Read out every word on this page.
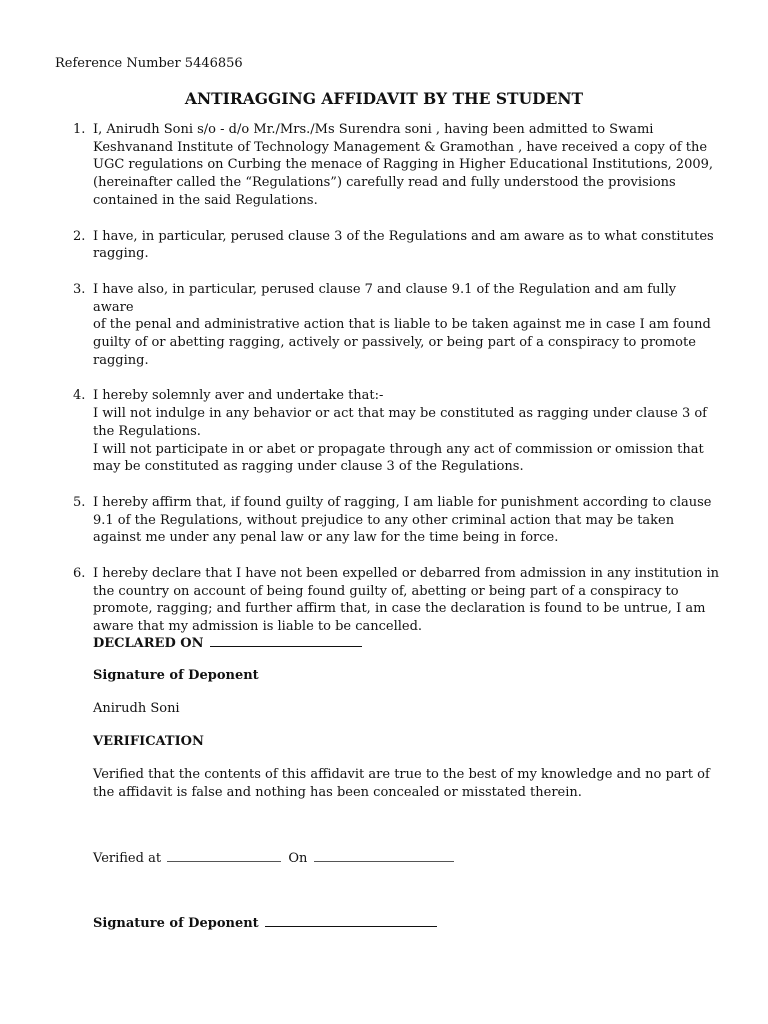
Reference Number 5446856
ANTIRAGGING AFFIDAVIT BY THE STUDENT
1. I, Anirudh Soni s/o - d/o Mr./Mrs./Ms Surendra soni , having been admitted to Swami
Keshvanand Institute of Technology Management & Gramothan , have received a copy of the
UGC regulations on Curbing the menace of Ragging in Higher Educational Institutions, 2009,
(hereinafter called the “Regulations”) carefully read and fully understood the provisions
contained in the said Regulations.
2. I have, in particular, perused clause 3 of the Regulations and am aware as to what constitutes
ragging.
3. I have also, in particular, perused clause 7 and clause 9.1 of the Regulation and am fully aware
of the penal and administrative action that is liable to be taken against me in case I am found
guilty of or abetting ragging, actively or passively, or being part of a conspiracy to promote
ragging.
4. I hereby solemnly aver and undertake that:-
I will not indulge in any behavior or act that may be constituted as ragging under clause 3 of
the Regulations.
I will not participate in or abet or propagate through any act of commission or omission that
may be constituted as ragging under clause 3 of the Regulations.
5. I hereby affirm that, if found guilty of ragging, I am liable for punishment according to clause
9.1 of the Regulations, without prejudice to any other criminal action that may be taken
against me under any penal law or any law for the time being in force.
6. I hereby declare that I have not been expelled or debarred from admission in any institution in
the country on account of being found guilty of, abetting or being part of a conspiracy to
promote, ragging; and further affirm that, in case the declaration is found to be untrue, I am
aware that my admission is liable to be cancelled.
DECLARED ON
Signature of Deponent
Anirudh Soni
VERIFICATION
Verified that the contents of this affidavit are true to the best of my knowledge and no part of
the affidavit is false and nothing has been concealed or misstated therein.
Verified at	On
Signature of Deponent
